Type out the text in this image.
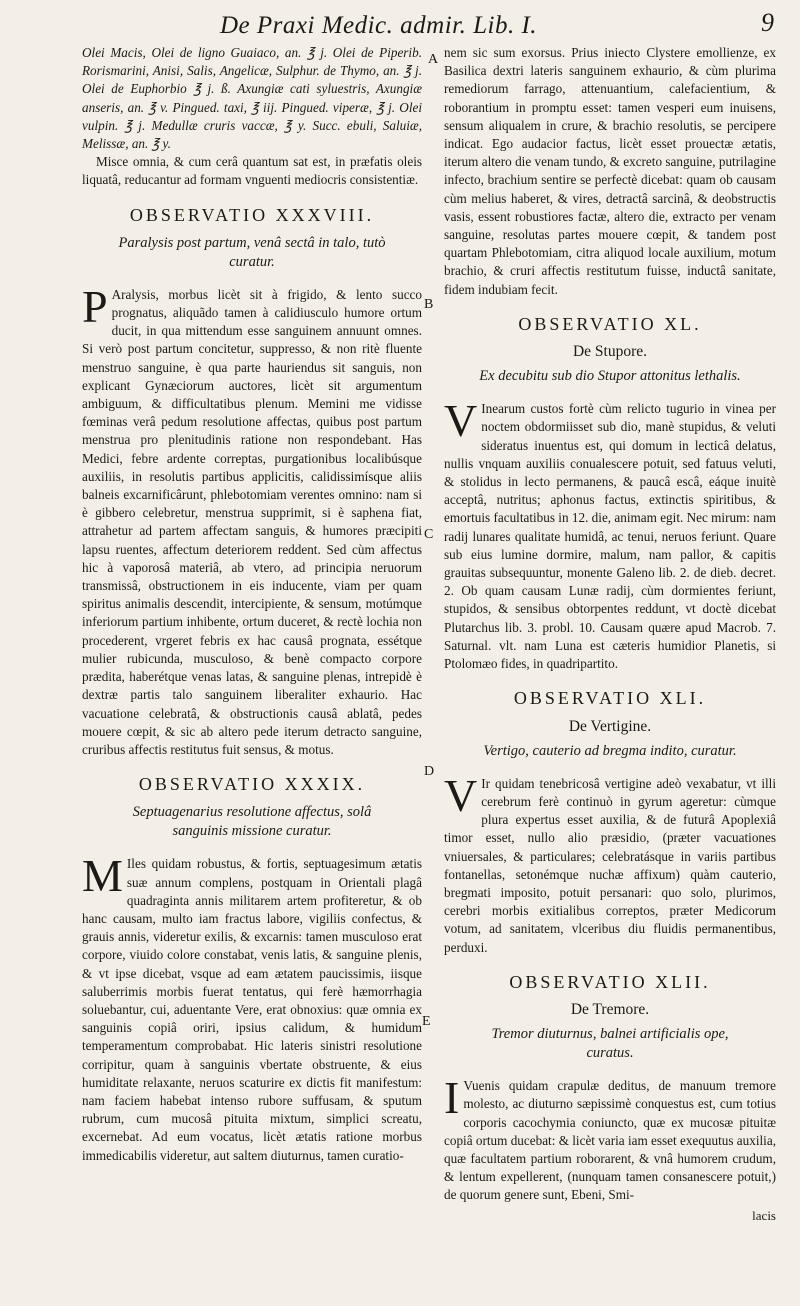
De Praxi Medic. admir. Lib. I.	9
A
B
C
D
E

Olei Macis, Olei de ligno Guaiaco, an. ℥ j. Olei de Piperib. Rorismarini, Anisi, Salis, Angelicæ, Sulphur. de Thymo, an. ℥ j. Olei de Euphorbio ℥ j. ß. Axungiæ cati syluestris, Axungiæ anseris, an. ℥ v. Pingued. taxi, ℥ iij. Pingued. viperæ, ℥ j. Olei vulpin. ℥ j. Medullæ cruris vaccæ, ℥ y. Succ. ebuli, Saluiæ, Melissæ, an. ℥ y.

Misce omnia, & cum cerâ quantum sat est, in præfatis oleis liquatâ, reducantur ad formam vnguenti mediocris consistentiæ.

OBSERVATIO XXXVIII.
Paralysis post partum, venâ sectâ in talo, tutò curatur.

P Aralysis, morbus licèt sit à frigido, & lento succo prognatus, aliquãdo tamen à calidiusculo humore ortum ducit, in qua mittendum esse sanguinem annuunt omnes. Si verò post partum concitetur, suppresso, & non ritè fluente menstruo sanguine, è qua parte hauriendus sit sanguis, non explicant Gynæciorum auctores, licèt sit argumentum ambiguum, & difficultatibus plenum. Memini me vidisse fœminas verâ pedum resolutione affectas, quibus post partum menstrua pro plenitudinis ratione non respondebant. Has Medici, febre ardente correptas, purgationibus localibúsque auxiliis, in resolutis partibus applicitis, calidissimísque aliis balneis excarnificârunt, phlebotomiam verentes omnino: nam si è gibbero celebretur, menstrua supprimit, si è saphena fiat, attrahetur ad partem affectam sanguis, & humores præcipiti lapsu ruentes, affectum deteriorem reddent. Sed cùm affectus hic à vaporosâ materiâ, ab vtero, ad principia neruorum transmissâ, obstructionem in eis inducente, viam per quam spiritus animalis descendit, intercipiente, & sensum, motúmque inferiorum partium inhibente, ortum duceret, & rectè lochia non procederent, vrgeret febris ex hac causâ prognata, essétque mulier rubicunda, musculoso, & benè compacto corpore prædita, haberétque venas latas, & sanguine plenas, intrepidè è dextræ partis talo sanguinem liberaliter exhaurio. Hac vacuatione celebratâ, & obstructionis causâ ablatâ, pedes mouere cœpit, & sic ab altero pede iterum detracto sanguine, cruribus affectis restitutus fuit sensus, & motus.

OBSERVATIO XXXIX.
Septuagenarius resolutione affectus, solâ sanguinis missione curatur.

M Iles quidam robustus, & fortis, septuagesimum ætatis suæ annum complens, postquam in Orientali plagâ quadraginta annis militarem artem profiteretur, & ob hanc causam, multo iam fractus labore, vigiliis confectus, & grauis annis, videretur exilis, & excarnis: tamen musculoso erat corpore, viuido colore constabat, venis latis, & sanguine plenis, & vt ipse dicebat, vsque ad eam ætatem paucissimis, iisque saluberrimis morbis fuerat tentatus, qui ferè hæmorrhagia soluebantur, cui, aduentante Vere, erat obnoxius: quæ omnia ex sanguinis copiâ oriri, ipsius calidum, & humidum temperamentum comprobabat. Hic lateris sinistri resolutione corripitur, quam à sanguinis vbertate obstruente, & eius humiditate relaxante, neruos scaturire ex dictis fit manifestum: nam faciem habebat intenso rubore suffusam, & sputum rubrum, cum mucosâ pituita mixtum, simplici screatu, excernebat. Ad eum vocatus, licèt ætatis ratione morbus immedicabilis videretur, aut saltem diuturnus, tamen curatio-

nem sic sum exorsus. Prius iniecto Clystere emollienze, ex Basilica dextri lateris sanguinem exhaurio, & cùm plurima remediorum farrago, attenuantium, calefacientium, & roborantium in promptu esset: tamen vesperi eum inuisens, sensum aliqualem in crure, & brachio resolutis, se percipere indicat. Ego audacior factus, licèt esset prouectæ ætatis, iterum altero die venam tundo, & excreto sanguine, putrilagine infecto, brachium sentire se perfectè dicebat: quam ob causam cùm melius haberet, & vires, detractâ sarcinâ, & deobstructis vasis, essent robustiores factæ, altero die, extracto per venam sanguine, resolutas partes mouere cœpit, & tandem post quartam Phlebotomiam, citra aliquod locale auxilium, motum brachio, & cruri affectis restitutum fuisse, inductâ sanitate, fidem indubiam fecit.

OBSERVATIO XL.
De Stupore.
Ex decubitu sub dio Stupor attonitus lethalis.

V Inearum custos fortè cùm relicto tugurio in vinea per noctem obdormiisset sub dio, manè stupidus, & veluti sideratus inuentus est, qui domum in lecticâ delatus, nullis vnquam auxiliis conualescere potuit, sed fatuus veluti, & stolidus in lecto permanens, & paucâ escâ, eáque inuitè acceptâ, nutritus; aphonus factus, extinctis spiritibus, & emortuis facultatibus in 12. die, animam egit. Nec mirum: nam radij lunares qualitate humidâ, ac tenui, neruos feriunt. Quare sub eius lumine dormire, malum, nam pallor, & capitis grauitas subsequuntur, monente Galeno lib. 2. de dieb. decret. 2. Ob quam causam Lunæ radij, cùm dormientes feriunt, stupidos, & sensibus obtorpentes reddunt, vt doctè dicebat Plutarchus lib. 3. probl. 10. Causam quære apud Macrob. 7. Saturnal. vlt. nam Luna est cæteris humidior Planetis, si Ptolomæo fides, in quadripartito.

OBSERVATIO XLI.
De Vertigine.
Vertigo, cauterio ad bregma indito, curatur.

V Ir quidam tenebricosâ vertigine adeò vexabatur, vt illi cerebrum ferè continuò in gyrum ageretur: cùmque plura expertus esset auxilia, & de futurâ Apoplexiâ timor esset, nullo alio præsidio, (præter vacuationes vniuersales, & particulares; celebratásque in variis partibus fontanellas, setonémque nuchæ affixum) quàm cauterio, bregmati imposito, potuit persanari: quo solo, plurimos, cerebri morbis exitialibus correptos, præter Medicorum votum, ad sanitatem, vlceribus diu fluidis permanentibus, perduxi.

OBSERVATIO XLII.
De Tremore.
Tremor diuturnus, balnei artificialis ope, curatus.

I Vuenis quidam crapulæ deditus, de manuum tremore molesto, ac diuturno sæpissimè conquestus est, cum totius corporis cacochymia coniuncto, quæ ex mucosæ pituitæ copiâ ortum ducebat: & licèt varia iam esset exequutus auxilia, quæ facultatem partium roborarent, & vnâ humorem crudum, & lentum expellerent, (nunquam tamen consanescere potuit,) de quorum genere sunt, Ebeni, Smi-

lacis
